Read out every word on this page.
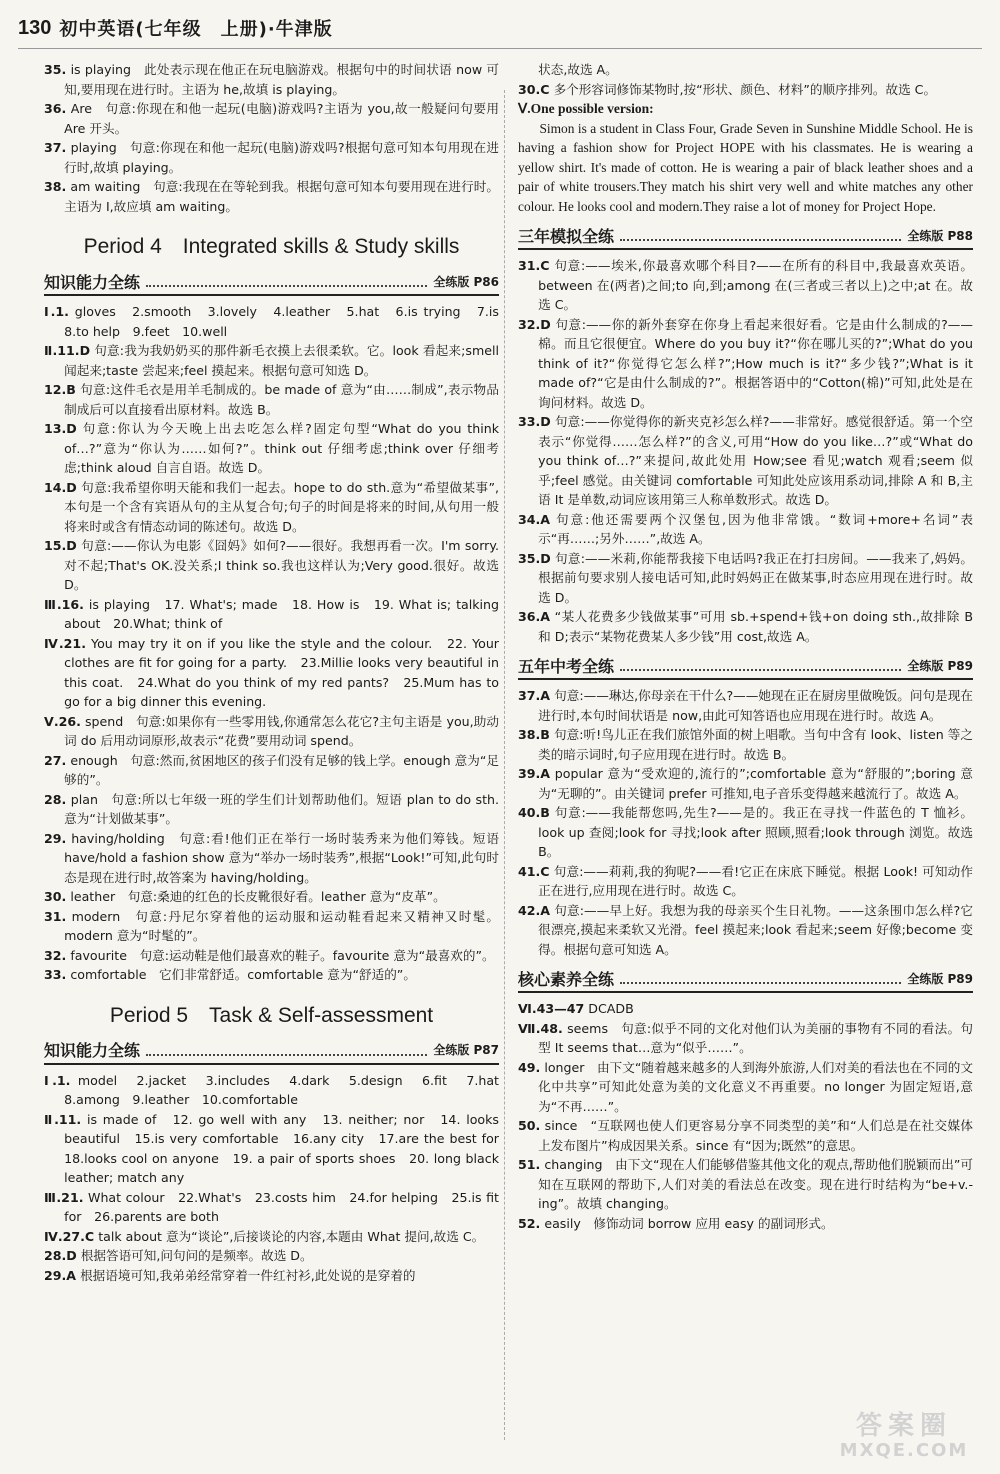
130 初中英语(七年级　上册)·牛津版

35. is playing　此处表示现在他正在玩电脑游戏。根据句中的时间状语 now 可知,要用现在进行时。主语为 he,故填 is playing。

36. Are　句意:你现在和他一起玩(电脑)游戏吗?主语为 you,故一般疑问句要用 Are 开头。

37. playing　句意:你现在和他一起玩(电脑)游戏吗?根据句意可知本句用现在进行时,故填 playing。

38. am waiting　句意:我现在在等轮到我。根据句意可知本句要用现在进行时。主语为 I,故应填 am waiting。

Period 4　Integrated skills & Study skills
知识能力全练	全练版 P86

Ⅰ.1. gloves　2.smooth　3.lovely　4.leather　5.hat　6.is trying　7.is　8.to help　9.feet　10.well

Ⅱ.11.D 句意:我为我奶奶买的那件新毛衣摸上去很柔软。它。look 看起来;smell 闻起来;taste 尝起来;feel 摸起来。根据句意可知选 D。

12.B 句意:这件毛衣是用羊毛制成的。be made of 意为“由……制成”,表示物品制成后可以直接看出原材料。故选 B。

13.D 句意:你认为今天晚上出去吃怎么样?固定句型“What do you think of…?”意为“你认为……如何?”。think out 仔细考虑;think over 仔细考虑;think aloud 自言自语。故选 D。

14.D 句意:我希望你明天能和我们一起去。hope to do sth.意为“希望做某事”,本句是一个含有宾语从句的主从复合句;句子的时间是将来的时间,从句用一般将来时或含有情态动词的陈述句。故选 D。

15.D 句意:——你认为电影《囧妈》如何?——很好。我想再看一次。I'm sorry.对不起;That's OK.没关系;I think so.我也这样认为;Very good.很好。故选 D。

Ⅲ.16. is playing　17. What's; made　18. How is　19. What is; talking about　20.What; think of

Ⅳ.21. You may try it on if you like the style and the colour.　22. Your clothes are fit for going for a party.　23.Millie looks very beautiful in this coat.　24.What do you think of my red pants?　25.Mum has to go for a big dinner this evening.

Ⅴ.26. spend　句意:如果你有一些零用钱,你通常怎么花它?主句主语是 you,助动词 do 后用动词原形,故表示“花费”要用动词 spend。

27. enough　句意:然而,贫困地区的孩子们没有足够的钱上学。enough 意为“足够的”。

28. plan　句意:所以七年级一班的学生们计划帮助他们。短语 plan to do sth.意为“计划做某事”。

29. having/holding　句意:看!他们正在举行一场时装秀来为他们筹钱。短语 have/hold a fashion show 意为“举办一场时装秀”,根据“Look!”可知,此句时态是现在进行时,故答案为 having/holding。

30. leather　句意:桑迪的红色的长皮靴很好看。leather 意为“皮革”。

31. modern　句意:丹尼尔穿着他的运动服和运动鞋看起来又精神又时髦。modern 意为“时髦的”。

32. favourite　句意:运动鞋是他们最喜欢的鞋子。favourite 意为“最喜欢的”。

33. comfortable　它们非常舒适。comfortable 意为“舒适的”。

Period 5　Task & Self-assessment
知识能力全练	全练版 P87

Ⅰ.1. model　2.jacket　3.includes　4.dark　5.design　6.fit　7.hat　8.among　9.leather　10.comfortable

Ⅱ.11. is made of　12. go well with any　13. neither; nor　14. looks beautiful　15.is very comfortable　16.any city　17.are the best for　18.looks cool on anyone　19. a pair of sports shoes　20. long black leather; match any

Ⅲ.21. What colour　22.What's　23.costs him　24.for helping　25.is fit for　26.parents are both

Ⅳ.27.C talk about 意为“谈论”,后接谈论的内容,本题由 What 提问,故选 C。

28.D 根据答语可知,问句问的是频率。故选 D。

29.A 根据语境可知,我弟弟经常穿着一件红衬衫,此处说的是穿着的

状态,故选 A。

30.C 多个形容词修饰某物时,按“形状、颜色、材料”的顺序排列。故选 C。

Ⅴ.One possible version:

Simon is a student in Class Four, Grade Seven in Sunshine Middle School. He is having a fashion show for Project HOPE with his classmates. He is wearing a yellow shirt. It's made of cotton. He is wearing a pair of black leather shoes and a pair of white trousers.They match his shirt very well and white matches any other colour. He looks cool and modern.They raise a lot of money for Project Hope.

三年模拟全练	全练版 P88

31.C 句意:——埃米,你最喜欢哪个科目?——在所有的科目中,我最喜欢英语。between 在(两者)之间;to 向,到;among 在(三者或三者以上)之中;at 在。故选 C。

32.D 句意:——你的新外套穿在你身上看起来很好看。它是由什么制成的?——棉。而且它很便宜。Where do you buy it?“你在哪儿买的?”;What do you think of it?“你觉得它怎么样?”;How much is it?“多少钱?”;What is it made of?“它是由什么制成的?”。根据答语中的“Cotton(棉)”可知,此处是在询问材料。故选 D。

33.D 句意:——你觉得你的新夹克衫怎么样?——非常好。感觉很舒适。第一个空表示“你觉得……怎么样?”的含义,可用“How do you like…?”或“What do you think of…?”来提问,故此处用 How;see 看见;watch 观看;seem 似乎;feel 感觉。由关键词 comfortable 可知此处应该用系动词,排除 A 和 B,主语 It 是单数,动词应该用第三人称单数形式。故选 D。

34.A 句意:他还需要两个汉堡包,因为他非常饿。“数词+more+名词”表示“再……;另外……”,故选 A。

35.D 句意:——米莉,你能帮我接下电话吗?我正在打扫房间。——我来了,妈妈。根据前句要求别人接电话可知,此时妈妈正在做某事,时态应用现在进行时。故选 D。

36.A “某人花费多少钱做某事”可用 sb.+spend+钱+on doing sth.,故排除 B 和 D;表示“某物花费某人多少钱”用 cost,故选 A。

五年中考全练	全练版 P89

37.A 句意:——琳达,你母亲在干什么?——她现在正在厨房里做晚饭。问句是现在进行时,本句时间状语是 now,由此可知答语也应用现在进行时。故选 A。

38.B 句意:听!鸟儿正在我们旅馆外面的树上唱歌。当句中含有 look、listen 等之类的暗示词时,句子应用现在进行时。故选 B。

39.A popular 意为“受欢迎的,流行的”;comfortable 意为“舒服的”;boring 意为“无聊的”。由关键词 prefer 可推知,电子音乐变得越来越流行了。故选 A。

40.B 句意:——我能帮您吗,先生?——是的。我正在寻找一件蓝色的 T 恤衫。look up 查阅;look for 寻找;look after 照顾,照看;look through 浏览。故选 B。

41.C 句意:——莉莉,我的狗呢?——看!它正在床底下睡觉。根据 Look! 可知动作正在进行,应用现在进行时。故选 C。

42.A 句意:——早上好。我想为我的母亲买个生日礼物。——这条围巾怎么样?它很漂亮,摸起来柔软又光滑。feel 摸起来;look 看起来;seem 好像;become 变得。根据句意可知选 A。

核心素养全练	全练版 P89

Ⅵ.43—47 DCADB

Ⅶ.48. seems　句意:似乎不同的文化对他们认为美丽的事物有不同的看法。句型 It seems that…意为“似乎……”。

49. longer　由下文“随着越来越多的人到海外旅游,人们对美的看法也在不同的文化中共享”可知此处意为美的文化意义不再重要。no longer 为固定短语,意为“不再……”。

50. since　“互联网也使人们更容易分享不同类型的美”和“人们总是在社交媒体上发布图片”构成因果关系。since 有“因为;既然”的意思。

51. changing　由下文“现在人们能够借鉴其他文化的观点,帮助他们脱颖而出”可知在互联网的帮助下,人们对美的看法总在改变。现在进行时结构为“be+v.-ing”。故填 changing。

52. easily　修饰动词 borrow 应用 easy 的副词形式。

答案圈
MXQE.COM
